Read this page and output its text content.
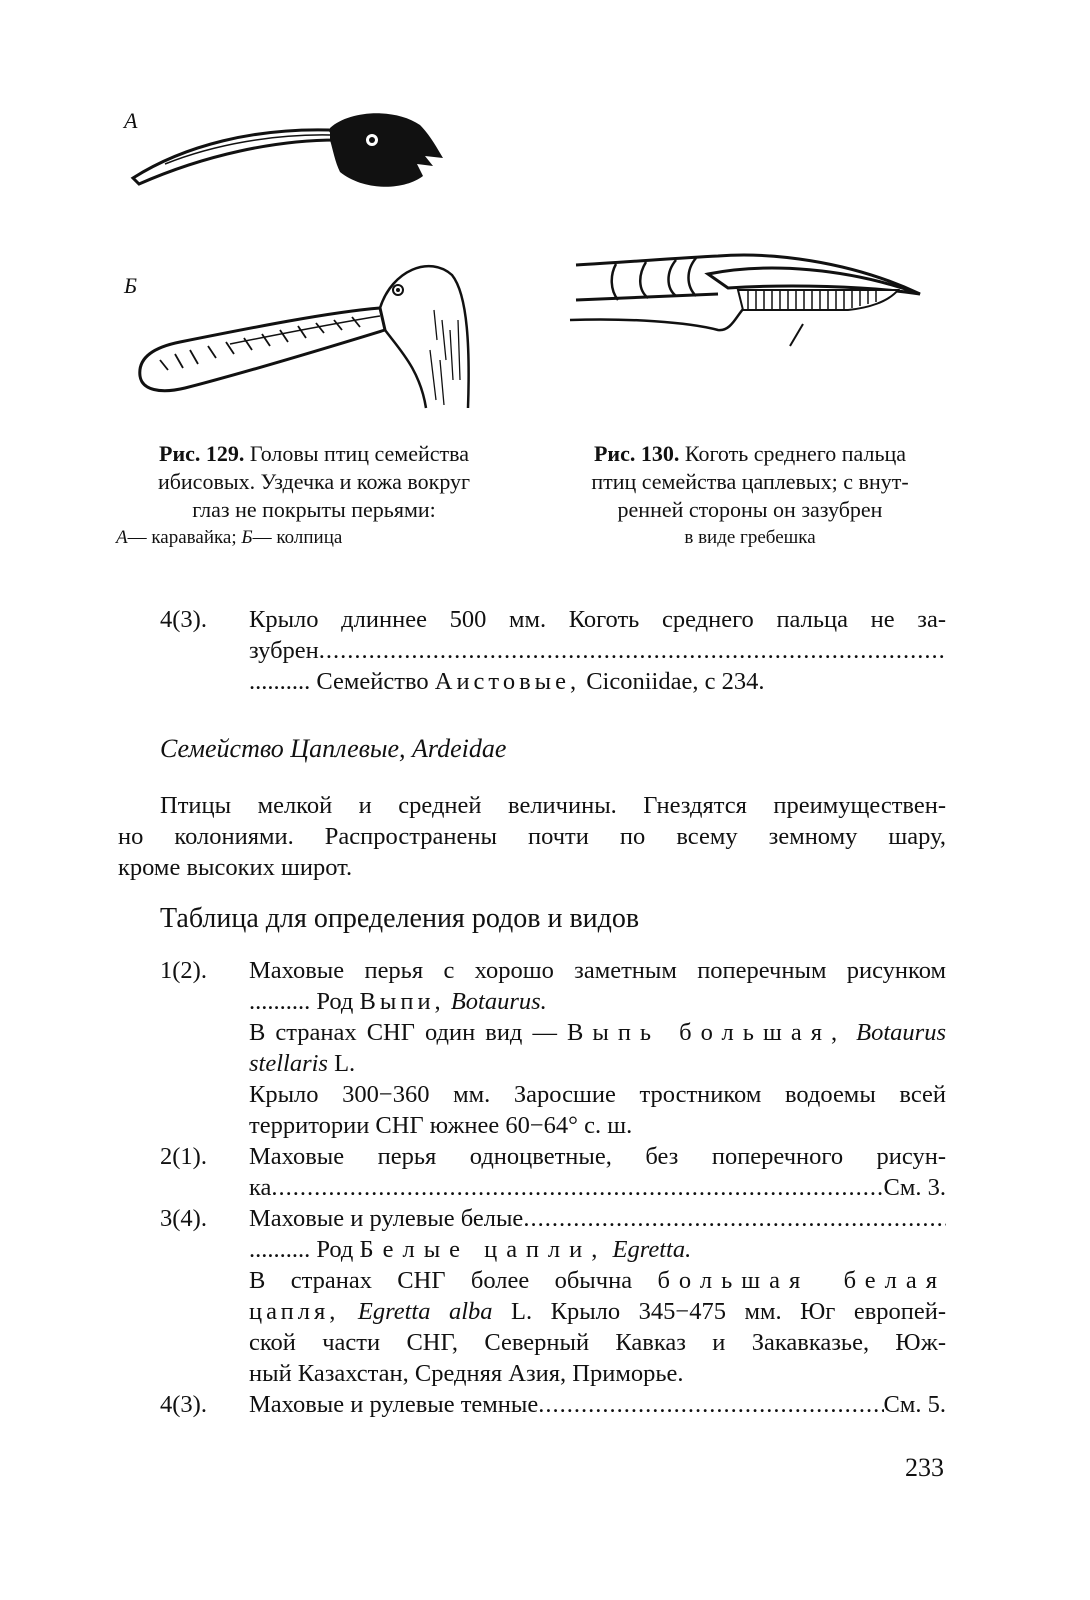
А
Б
Рис. 129. Головы птиц семейства
ибисовых. Уздечка и кожа вокруг
глаз не покрыты перьями:
А— каравайка; Б— колпица
Рис. 130. Коготь среднего пальца
птиц семейства цаплевых; с внут-
ренней стороны он зазубрен
в виде гребешка
4(3).	Крыло длиннее 500 мм. Коготь среднего пальца не за-
зубрен
.....
.......... Семейство Аистовые, Ciconiidae, с 234.
Семейство Цаплевые, Ardeidae
Птицы мелкой и средней величины. Гнездятся преимуществен-
но колониями. Распространены почти по всему земному шару,
кроме высоких широт.
Таблица для определения родов и видов
1(2).	Маховые перья с хорошо заметным поперечным рисунком
.......... Род Выпи, Botaurus.
В странах СНГ один вид — Выпь большая, Botaurus
stellaris L.
Крыло 300−360 мм. Заросшие тростником водоемы всей
территории СНГ южнее 60−64° с. ш.
2(1).	Маховые перья одноцветные, без поперечного рисун-
ка .....	См. 3.
3(4).	Маховые и рулевые белые
.....
.......... Род Белые цапли, Egretta.
В странах СНГ более обычна большая белая
цапля, Egretta alba L. Крыло 345−475 мм. Юг европей-
ской части СНГ, Северный Кавказ и Закавказье, Юж-
ный Казахстан, Средняя Азия, Приморье.
4(3).	Маховые и рулевые темные .....	См. 5.
233
